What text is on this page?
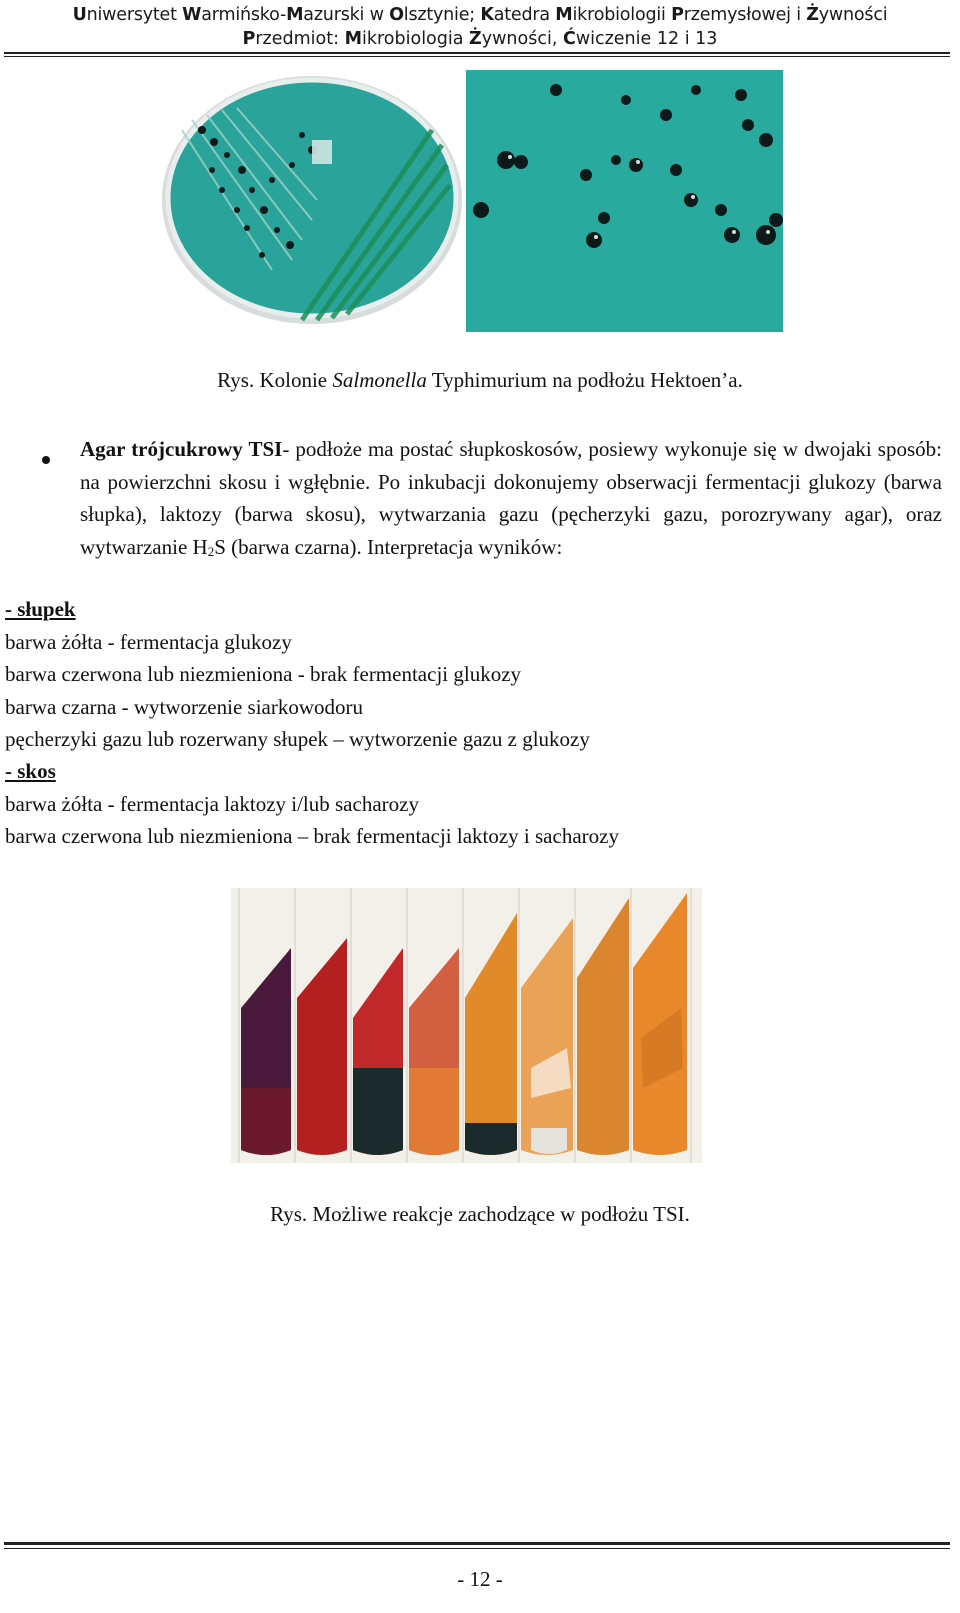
Uniwersytet Warmińsko-Mazurski w Olsztynie; Katedra Mikrobiologii Przemysłowej i Żywności
Przedmiot: Mikrobiologia Żywności, Ćwiczenie 12 i 13
Rys. Kolonie Salmonella Typhimurium na podłożu Hektoen’a.
Agar trójcukrowy TSI- podłoże ma postać słupkoskosów, posiewy wykonuje się w dwojaki sposób: na powierzchni skosu i wgłębnie. Po inkubacji dokonujemy obserwacji fermentacji glukozy (barwa słupka), laktozy (barwa skosu), wytwarzania gazu (pęcherzyki gazu, porozrywany agar), oraz wytwarzanie $H_2S$ (barwa czarna). Interpretacja wyników:
- słupek
barwa żółta - fermentacja glukozy
barwa czerwona lub niezmieniona - brak fermentacji glukozy
barwa czarna - wytworzenie siarkowodoru
pęcherzyki gazu lub rozerwany słupek – wytworzenie gazu z glukozy
- skos
barwa żółta - fermentacja laktozy i/lub sacharozy
barwa czerwona lub niezmieniona – brak fermentacji laktozy i sacharozy
Rys. Możliwe reakcje zachodzące w podłożu TSI.
- 12 -
